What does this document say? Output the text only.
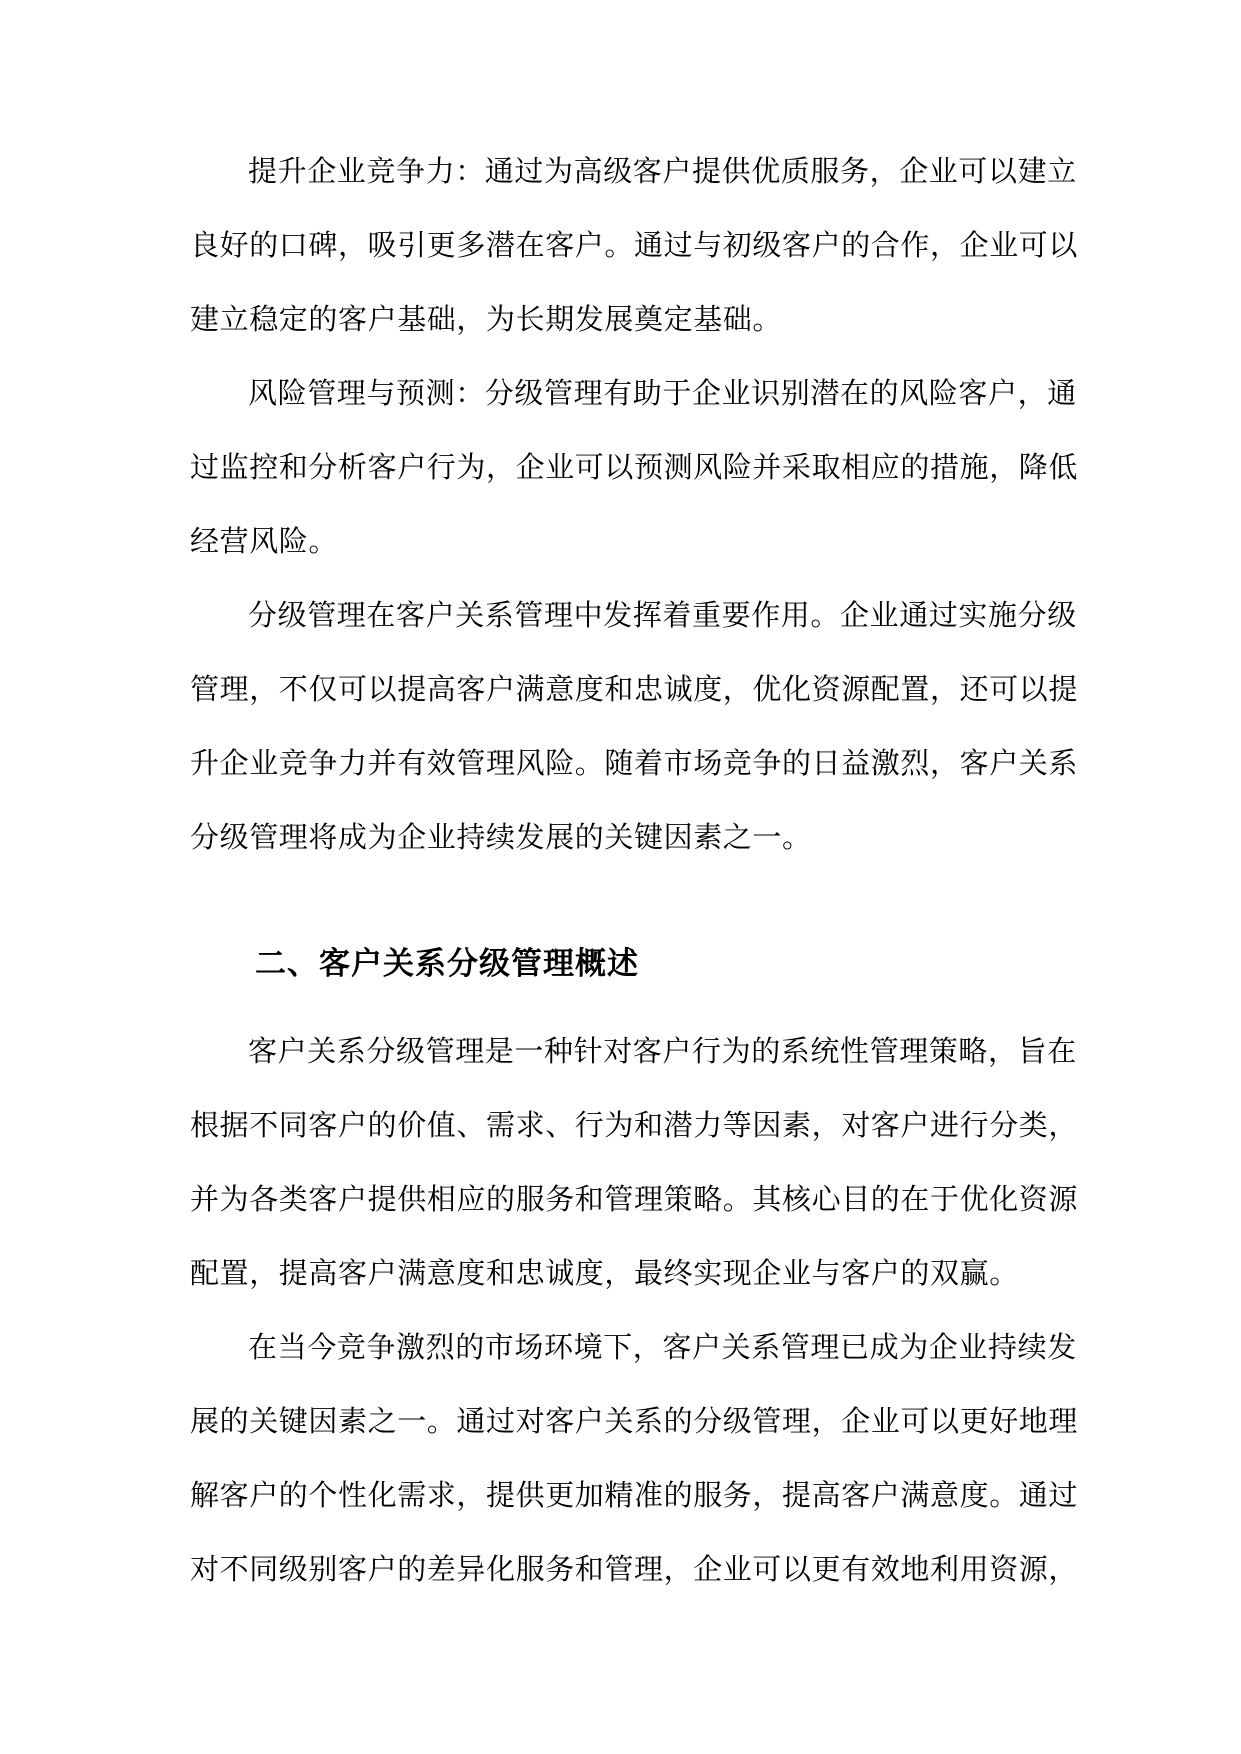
提升企业竞争力：通过为高级客户提供优质服务，企业可以建立
良好的口碑，吸引更多潜在客户。通过与初级客户的合作，企业可以
建立稳定的客户基础，为长期发展奠定基础。
风险管理与预测：分级管理有助于企业识别潜在的风险客户，通
过监控和分析客户行为，企业可以预测风险并采取相应的措施，降低
经营风险。
分级管理在客户关系管理中发挥着重要作用。企业通过实施分级
管理，不仅可以提高客户满意度和忠诚度，优化资源配置，还可以提
升企业竞争力并有效管理风险。随着市场竞争的日益激烈，客户关系
分级管理将成为企业持续发展的关键因素之一。
二、客户关系分级管理概述
客户关系分级管理是一种针对客户行为的系统性管理策略，旨在
根据不同客户的价值、需求、行为和潜力等因素，对客户进行分类，
并为各类客户提供相应的服务和管理策略。其核心目的在于优化资源
配置，提高客户满意度和忠诚度，最终实现企业与客户的双赢。
在当今竞争激烈的市场环境下，客户关系管理已成为企业持续发
展的关键因素之一。通过对客户关系的分级管理，企业可以更好地理
解客户的个性化需求，提供更加精准的服务，提高客户满意度。通过
对不同级别客户的差异化服务和管理，企业可以更有效地利用资源，
